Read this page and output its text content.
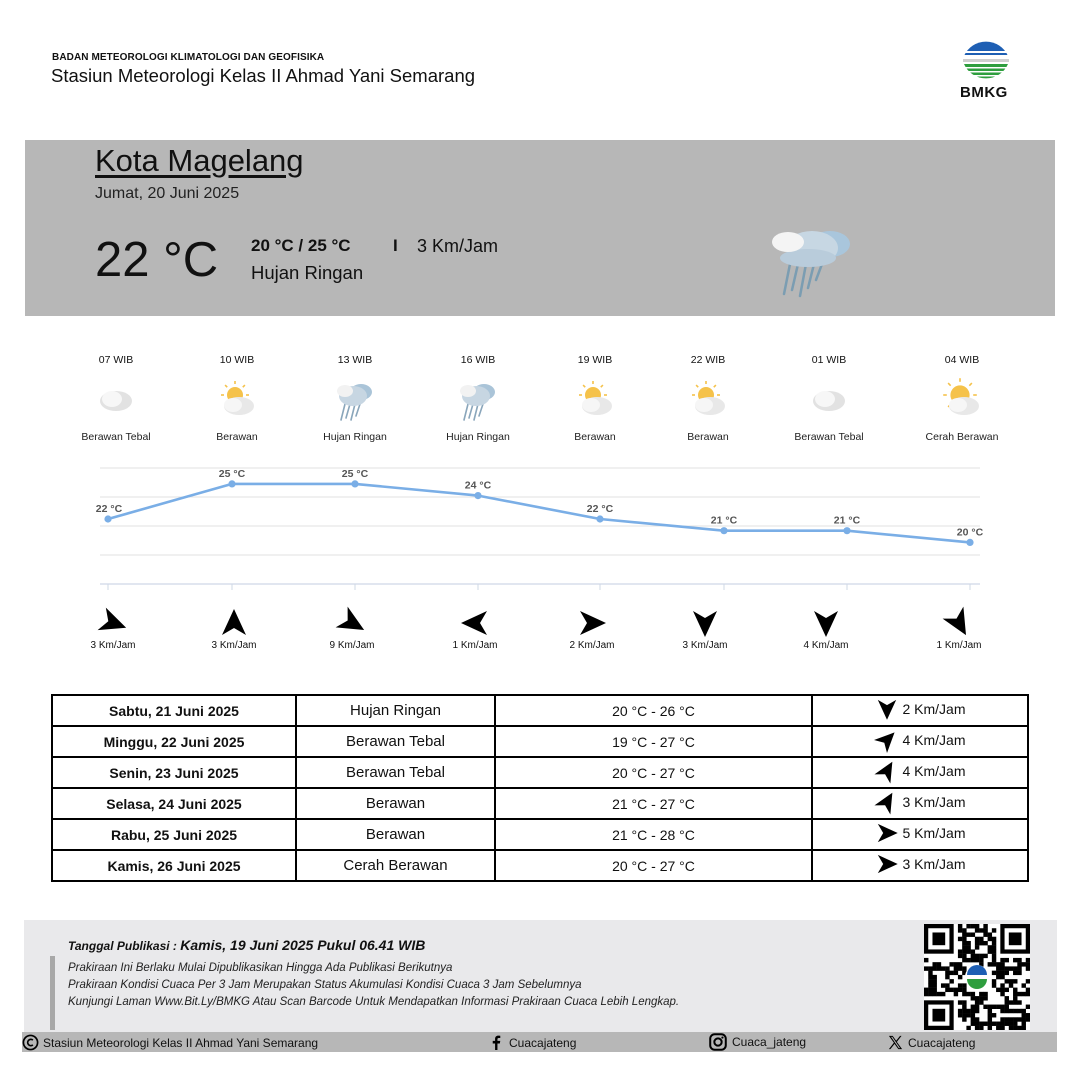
BADAN METEOROLOGI KLIMATOLOGI DAN GEOFISIKA
Stasiun Meteorologi Kelas II Ahmad Yani Semarang
BMKG
Kota Magelang
Jumat, 20 Juni 2025
22 °C 20 °C / 25 °C I 3 Km/Jam
Hujan Ringan
07 WIB
Berawan Tebal
10 WIB
Berawan
13 WIB
Hujan Ringan
16 WIB
Hujan Ringan
19 WIB
Berawan
22 WIB
Berawan
01 WIB
Berawan Tebal
04 WIB
Cerah Berawan
22 °C
25 °C	25 °C
24 °C
22 °C
21 °C	21 °C
20 °C
3 Km/Jam	3 Km/Jam	9 Km/Jam	1 Km/Jam	2 Km/Jam	3 Km/Jam	4 Km/Jam	1 Km/Jam
Sabtu, 21 Juni 2025	Hujan Ringan	20 °C - 26 °C	2 Km/Jam

Minggu, 22 Juni 2025	Berawan Tebal	19 °C - 27 °C	4 Km/Jam

Senin, 23 Juni 2025	Berawan Tebal	20 °C - 27 °C	4 Km/Jam

Selasa, 24 Juni 2025	Berawan	21 °C - 27 °C	3 Km/Jam

Rabu, 25 Juni 2025	Berawan	21 °C - 28 °C	5 Km/Jam

Kamis, 26 Juni 2025	Cerah Berawan	20 °C - 27 °C	3 Km/Jam
Tanggal Publikasi : Kamis, 19 Juni 2025 Pukul 06.41 WIB
Prakiraan Ini Berlaku Mulai Dipublikasikan Hingga Ada Publikasi Berikutnya
Prakiraan Kondisi Cuaca Per 3 Jam Merupakan Status Akumulasi Kondisi Cuaca 3 Jam Sebelumnya
Kunjungi Laman Www.Bit.Ly/BMKG Atau Scan Barcode Untuk Mendapatkan Informasi Prakiraan Cuaca Lebih Lengkap.
Stasiun Meteorologi Kelas II Ahmad Yani Semarang	Cuacajateng	Cuaca_jateng	Cuacajateng
